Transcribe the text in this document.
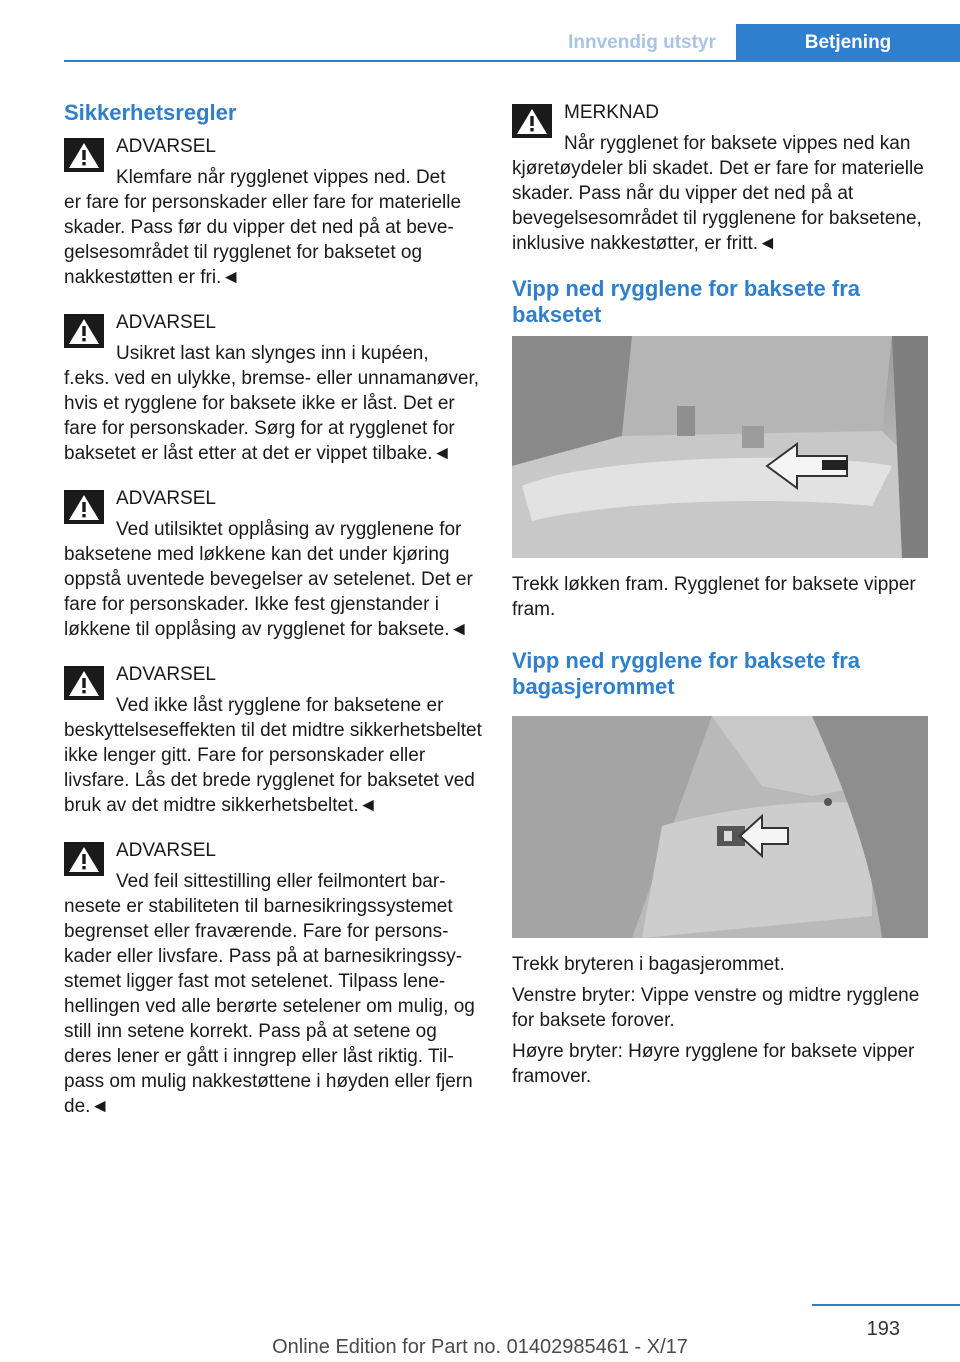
Innvendig utstyr	Betjening
Sikkerhetsregler
ADVARSEL
Klemfare når rygglenet vippes ned. Det
er fare for personskader eller fare for materielle skader. Pass før du vipper det ned på at bevegelsesområdet til rygglenet for baksetet og nakkestøtten er fri.◄
ADVARSEL
Usikret last kan slynges inn i kupéen,
f.eks. ved en ulykke, bremse- eller unnamanøver, hvis et rygglene for baksete ikke er låst. Det er fare for personskader. Sørg for at rygglenet for baksetet er låst etter at det er vippet tilbake.◄
ADVARSEL
Ved utilsiktet opplåsing av rygglenene for
baksetene med løkkene kan det under kjøring oppstå uventede bevegelser av setelenet. Det er fare for personskader. Ikke fest gjenstander i løkkene til opplåsing av rygglenet for baksete.◄
ADVARSEL
Ved ikke låst rygglene for baksetene er
beskyttelseseffekten til det midtre sikkerhetsbeltet ikke lenger gitt. Fare for personskader eller livsfare. Lås det brede rygglenet for baksetet ved bruk av det midtre sikkerhetsbeltet.◄
ADVARSEL
Ved feil sittestilling eller feilmontert bar-
nesete er stabiliteten til barnesikringssystemet begrenset eller fraværende. Fare for personskader eller livsfare. Pass på at barnesikringssystemet ligger fast mot setelenet. Tilpass lenehellingen ved alle berørte setelener om mulig, og still inn setene korrekt. Pass på at setene og deres lener er gått i inngrep eller låst riktig. Tilpass om mulig nakkestøttene i høyden eller fjern de.◄
MERKNAD
Når rygglenet for baksete vippes ned kan
kjøretøydeler bli skadet. Det er fare for materielle skader. Pass når du vipper det ned på at bevegelsesområdet til rygglenene for baksetene, inklusive nakkestøtter, er fritt.◄
Vipp ned rygglene for baksete fra baksetet

Trekk løkken fram. Rygglenet for baksete vipper fram.

Vipp ned rygglene for baksete fra bagasjerommet

Trekk bryteren i bagasjerommet.

Venstre bryter: Vippe venstre og midtre rygglene for baksete forover.

Høyre bryter: Høyre rygglene for baksete vipper framover.

193
Online Edition for Part no. 01402985461 - X/17
